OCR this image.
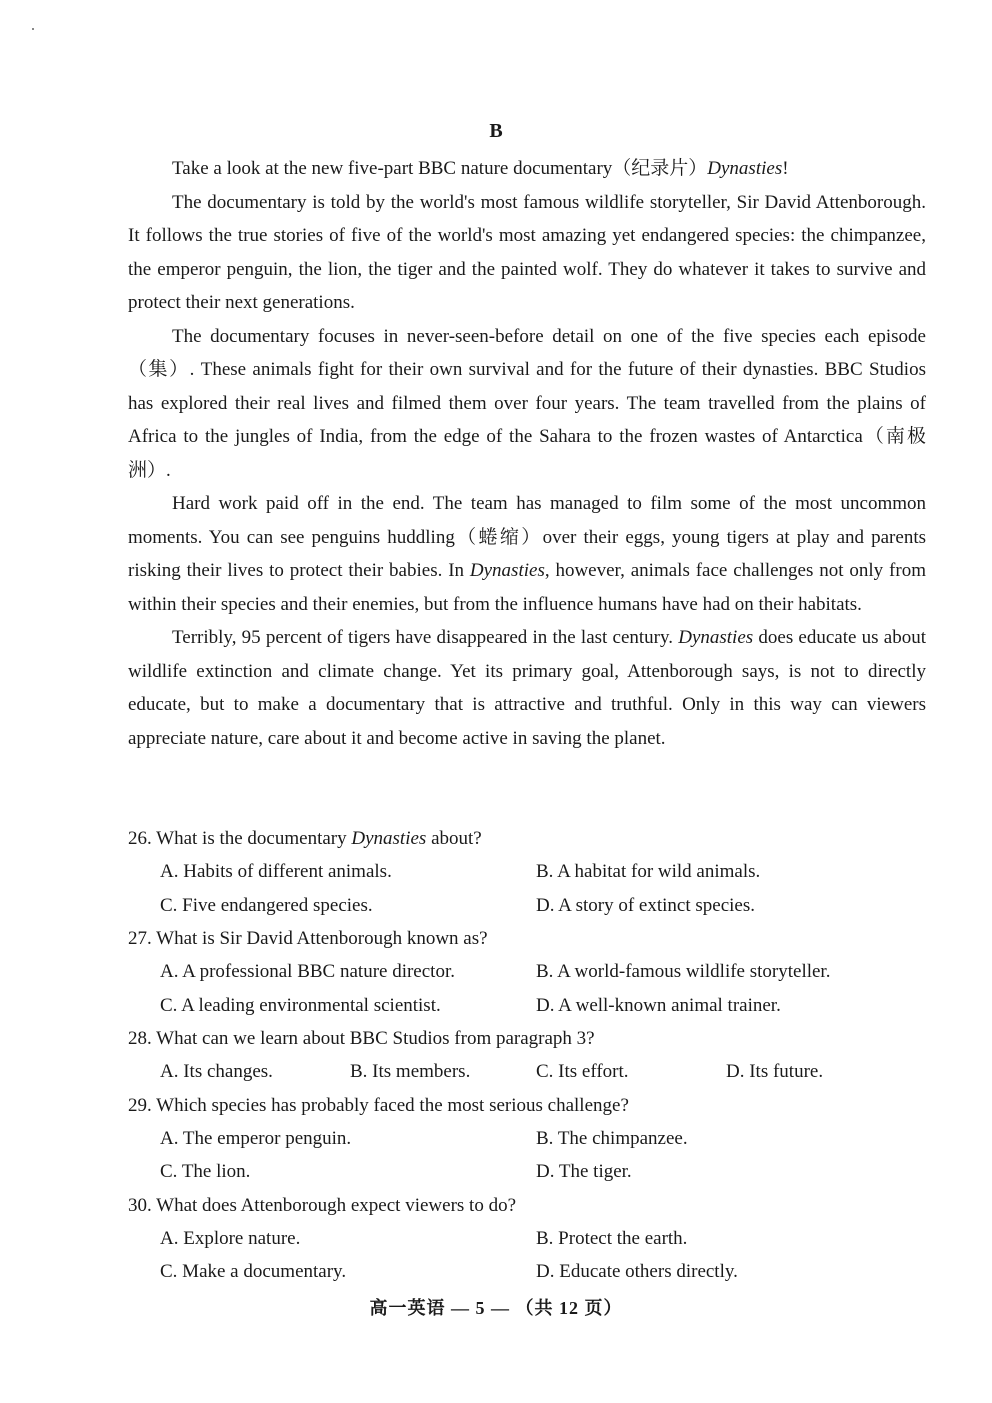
B

Take a look at the new five-part BBC nature documentary（纪录片）Dynasties!

The documentary is told by the world's most famous wildlife storyteller, Sir David Attenborough. It follows the true stories of five of the world's most amazing yet endangered species: the chimpanzee, the emperor penguin, the lion, the tiger and the painted wolf. They do whatever it takes to survive and protect their next generations.

The documentary focuses in never-seen-before detail on one of the five species each episode（集）. These animals fight for their own survival and for the future of their dynasties. BBC Studios has explored their real lives and filmed them over four years. The team travelled from the plains of Africa to the jungles of India, from the edge of the Sahara to the frozen wastes of Antarctica（南极洲）.

Hard work paid off in the end. The team has managed to film some of the most uncommon moments. You can see penguins huddling（蜷缩）over their eggs, young tigers at play and parents risking their lives to protect their babies. In Dynasties, however, animals face challenges not only from within their species and their enemies, but from the influence humans have had on their habitats.

Terribly, 95 percent of tigers have disappeared in the last century. Dynasties does educate us about wildlife extinction and climate change. Yet its primary goal, Attenborough says, is not to directly educate, but to make a documentary that is attractive and truthful. Only in this way can viewers appreciate nature, care about it and become active in saving the planet.

26. What is the documentary Dynasties about?
A. Habits of different animals.	B. A habitat for wild animals.
C. Five endangered species.	D. A story of extinct species.
27. What is Sir David Attenborough known as?
A. A professional BBC nature director.	B. A world-famous wildlife storyteller.
C. A leading environmental scientist.	D. A well-known animal trainer.
28. What can we learn about BBC Studios from paragraph 3?
A. Its changes.	B. Its members.	C. Its effort.	D. Its future.
29. Which species has probably faced the most serious challenge?
A. The emperor penguin.	B. The chimpanzee.
C. The lion.	D. The tiger.
30. What does Attenborough expect viewers to do?
A. Explore nature.	B. Protect the earth.
C. Make a documentary.	D. Educate others directly.
高一英语 — 5 — （共 12 页）
